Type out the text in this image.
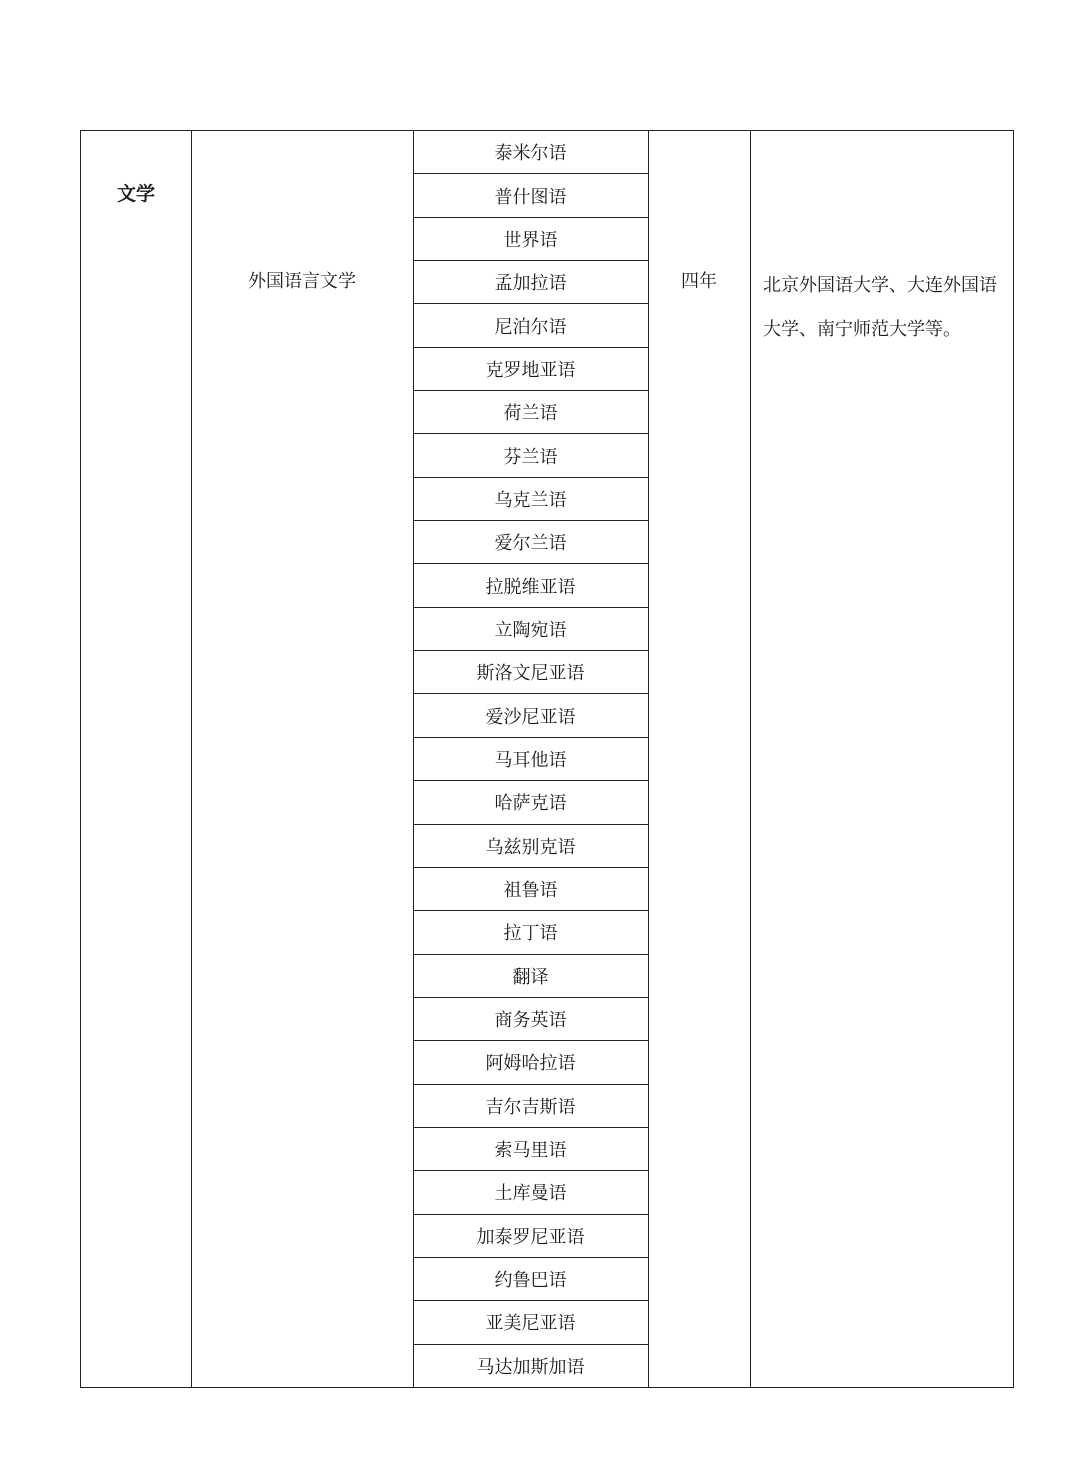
文学
外国语言文学
泰米尔语
普什图语
世界语
孟加拉语
尼泊尔语
克罗地亚语
荷兰语
芬兰语
乌克兰语
爱尔兰语
拉脱维亚语
立陶宛语
斯洛文尼亚语
爱沙尼亚语
马耳他语
哈萨克语
乌兹别克语
祖鲁语
拉丁语
翻译
商务英语
阿姆哈拉语
吉尔吉斯语
索马里语
土库曼语
加泰罗尼亚语
约鲁巴语
亚美尼亚语
马达加斯加语
四年	北京外国语大学、大连外国语大学、南宁师范大学等。
